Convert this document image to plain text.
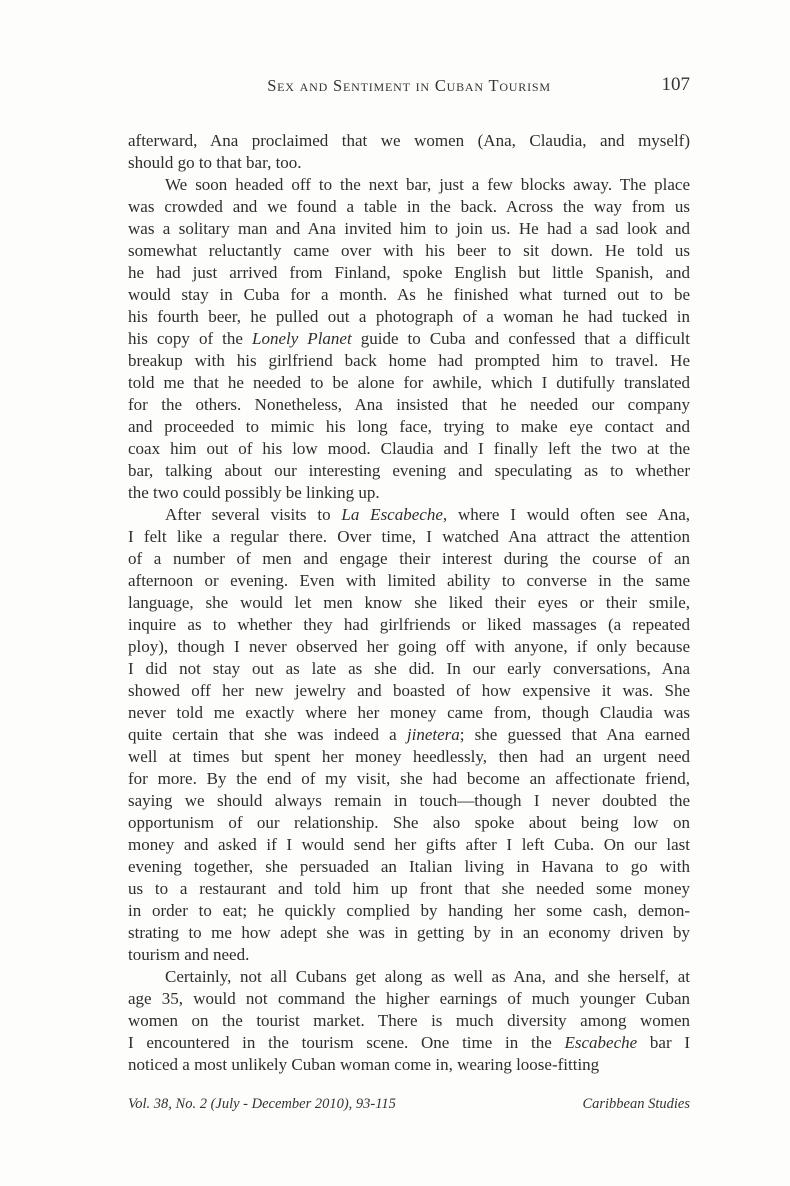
Sex and Sentiment in Cuban Tourism	107
afterward, Ana proclaimed that we women (Ana, Claudia, and myself)
should go to that bar, too.
We soon headed off to the next bar, just a few blocks away. The place
was crowded and we found a table in the back. Across the way from us
was a solitary man and Ana invited him to join us. He had a sad look and
somewhat reluctantly came over with his beer to sit down. He told us
he had just arrived from Finland, spoke English but little Spanish, and
would stay in Cuba for a month. As he finished what turned out to be
his fourth beer, he pulled out a photograph of a woman he had tucked in
his copy of the Lonely Planet guide to Cuba and confessed that a difficult
breakup with his girlfriend back home had prompted him to travel. He
told me that he needed to be alone for awhile, which I dutifully translated
for the others. Nonetheless, Ana insisted that he needed our company
and proceeded to mimic his long face, trying to make eye contact and
coax him out of his low mood. Claudia and I finally left the two at the
bar, talking about our interesting evening and speculating as to whether
the two could possibly be linking up.
After several visits to La Escabeche, where I would often see Ana,
I felt like a regular there. Over time, I watched Ana attract the attention
of a number of men and engage their interest during the course of an
afternoon or evening. Even with limited ability to converse in the same
language, she would let men know she liked their eyes or their smile,
inquire as to whether they had girlfriends or liked massages (a repeated
ploy), though I never observed her going off with anyone, if only because
I did not stay out as late as she did. In our early conversations, Ana
showed off her new jewelry and boasted of how expensive it was. She
never told me exactly where her money came from, though Claudia was
quite certain that she was indeed a jinetera; she guessed that Ana earned
well at times but spent her money heedlessly, then had an urgent need
for more. By the end of my visit, she had become an affectionate friend,
saying we should always remain in touch—though I never doubted the
opportunism of our relationship. She also spoke about being low on
money and asked if I would send her gifts after I left Cuba. On our last
evening together, she persuaded an Italian living in Havana to go with
us to a restaurant and told him up front that she needed some money
in order to eat; he quickly complied by handing her some cash, demon-
strating to me how adept she was in getting by in an economy driven by
tourism and need.
Certainly, not all Cubans get along as well as Ana, and she herself, at
age 35, would not command the higher earnings of much younger Cuban
women on the tourist market. There is much diversity among women
I encountered in the tourism scene. One time in the Escabeche bar I
noticed a most unlikely Cuban woman come in, wearing loose-fitting
Vol. 38, No. 2 (July - December 2010), 93-115	Caribbean Studies
